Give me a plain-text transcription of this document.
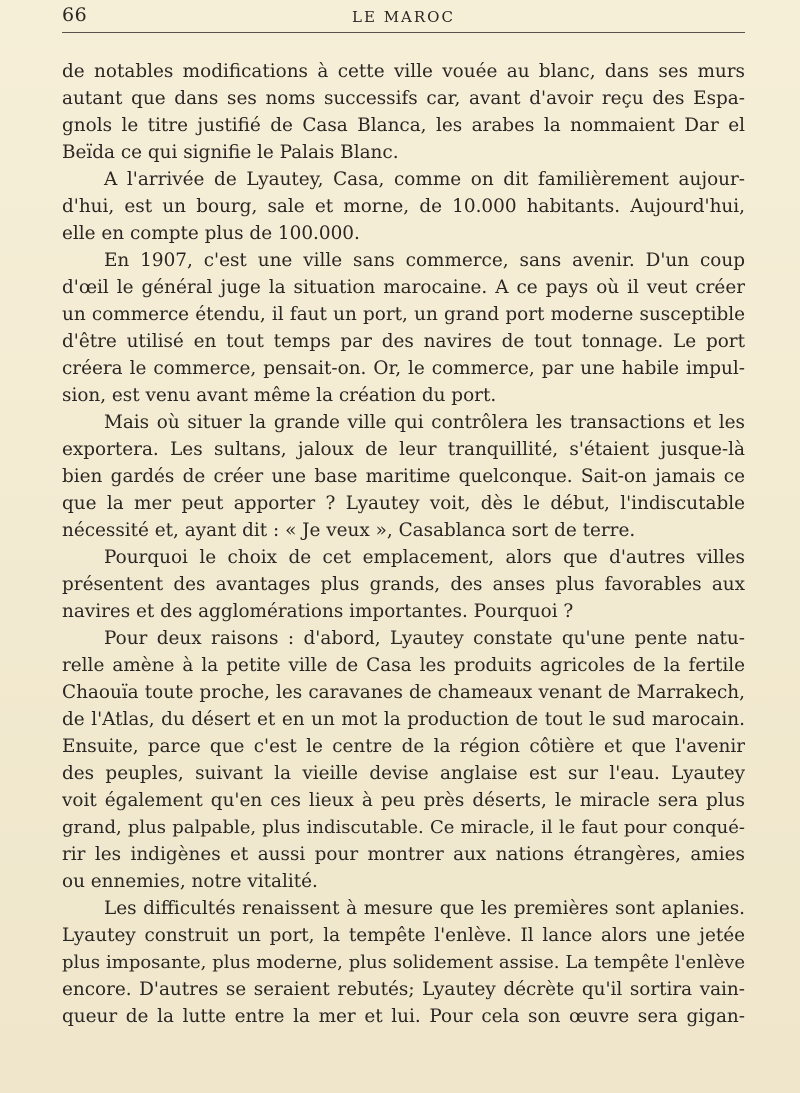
66	LE MAROC
de notables modifications à cette ville vouée au blanc, dans ses murs
autant que dans ses noms successifs car, avant d'avoir reçu des Espa-
gnols le titre justifié de Casa Blanca, les arabes la nommaient Dar el
Beïda ce qui signifie le Palais Blanc.
A l'arrivée de Lyautey, Casa, comme on dit familièrement aujour-
d'hui, est un bourg, sale et morne, de 10.000 habitants. Aujourd'hui,
elle en compte plus de 100.000.
En 1907, c'est une ville sans commerce, sans avenir. D'un coup
d'œil le général juge la situation marocaine. A ce pays où il veut créer
un commerce étendu, il faut un port, un grand port moderne susceptible
d'être utilisé en tout temps par des navires de tout tonnage. Le port
créera le commerce, pensait-on. Or, le commerce, par une habile impul-
sion, est venu avant même la création du port.
Mais où situer la grande ville qui contrôlera les transactions et les
exportera. Les sultans, jaloux de leur tranquillité, s'étaient jusque-là
bien gardés de créer une base maritime quelconque. Sait-on jamais ce
que la mer peut apporter ? Lyautey voit, dès le début, l'indiscutable
nécessité et, ayant dit : « Je veux », Casablanca sort de terre.
Pourquoi le choix de cet emplacement, alors que d'autres villes
présentent des avantages plus grands, des anses plus favorables aux
navires et des agglomérations importantes. Pourquoi ?
Pour deux raisons : d'abord, Lyautey constate qu'une pente natu-
relle amène à la petite ville de Casa les produits agricoles de la fertile
Chaouïa toute proche, les caravanes de chameaux venant de Marrakech,
de l'Atlas, du désert et en un mot la production de tout le sud marocain.
Ensuite, parce que c'est le centre de la région côtière et que l'avenir
des peuples, suivant la vieille devise anglaise est sur l'eau. Lyautey
voit également qu'en ces lieux à peu près déserts, le miracle sera plus
grand, plus palpable, plus indiscutable. Ce miracle, il le faut pour conqué-
rir les indigènes et aussi pour montrer aux nations étrangères, amies
ou ennemies, notre vitalité.
Les difficultés renaissent à mesure que les premières sont aplanies.
Lyautey construit un port, la tempête l'enlève. Il lance alors une jetée
plus imposante, plus moderne, plus solidement assise. La tempête l'enlève
encore. D'autres se seraient rebutés; Lyautey décrète qu'il sortira vain-
queur de la lutte entre la mer et lui. Pour cela son œuvre sera gigan-
